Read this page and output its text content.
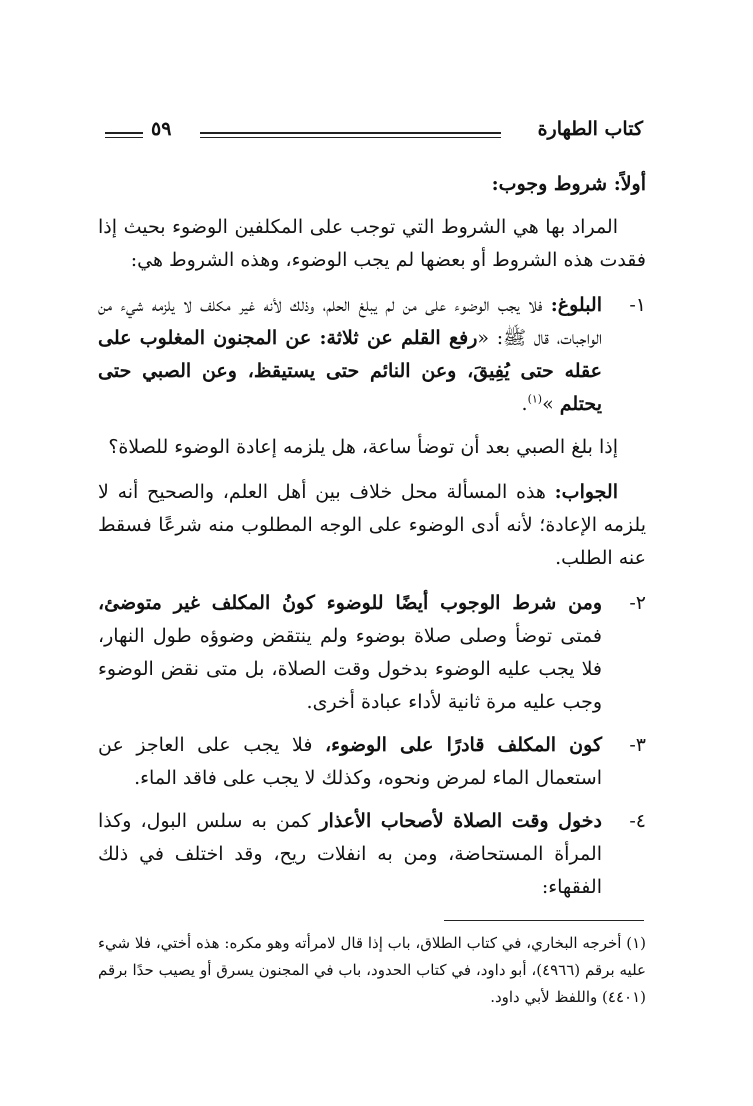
كتاب الطهارة
٥٩
أولاً: شروط وجوب:

المراد بها هي الشروط التي توجب على المكلفين الوضوء بحيث إذا فقدت هذه الشروط أو بعضها لم يجب الوضوء، وهذه الشروط هي:

١-
البلوغ: فلا يجب الوضوء على من لم يبلغ الحلم، وذلك لأنه غير مكلف لا يلزمه شيء من الواجبات، قال ﷺ: «رفع القلم عن ثلاثة: عن المجنون المغلوب على عقله حتى يُفِيقَ، وعن النائم حتى يستيقظ، وعن الصبي حتى يحتلم »$^{(١)}$.

إذا بلغ الصبي بعد أن توضأ ساعة، هل يلزمه إعادة الوضوء للصلاة؟

الجواب: هذه المسألة محل خلاف بين أهل العلم، والصحيح أنه لا يلزمه الإعادة؛ لأنه أدى الوضوء على الوجه المطلوب منه شرعًا فسقط عنه الطلب.

٢-
ومن شرط الوجوب أيضًا للوضوء كونُ المكلف غير متوضئ، فمتى توضأ وصلى صلاة بوضوء ولم ينتقض وضوؤه طول النهار، فلا يجب عليه الوضوء بدخول وقت الصلاة، بل متى نقض الوضوء وجب عليه مرة ثانية لأداء عبادة أخرى.
٣-
كون المكلف قادرًا على الوضوء، فلا يجب على العاجز عن استعمال الماء لمرض ونحوه، وكذلك لا يجب على فاقد الماء.
٤-
دخول وقت الصلاة لأصحاب الأعذار كمن به سلس البول، وكذا المرأة المستحاضة، ومن به انفلات ريح، وقد اختلف في ذلك الفقهاء:
(١) أخرجه البخاري، في كتاب الطلاق، باب إذا قال لامرأته وهو مكره: هذه أختي، فلا شيء عليه برقم (٤٩٦٦)، أبو داود، في كتاب الحدود، باب في المجنون يسرق أو يصيب حدًا برقم (٤٤٠١) واللفظ لأبي داود.
